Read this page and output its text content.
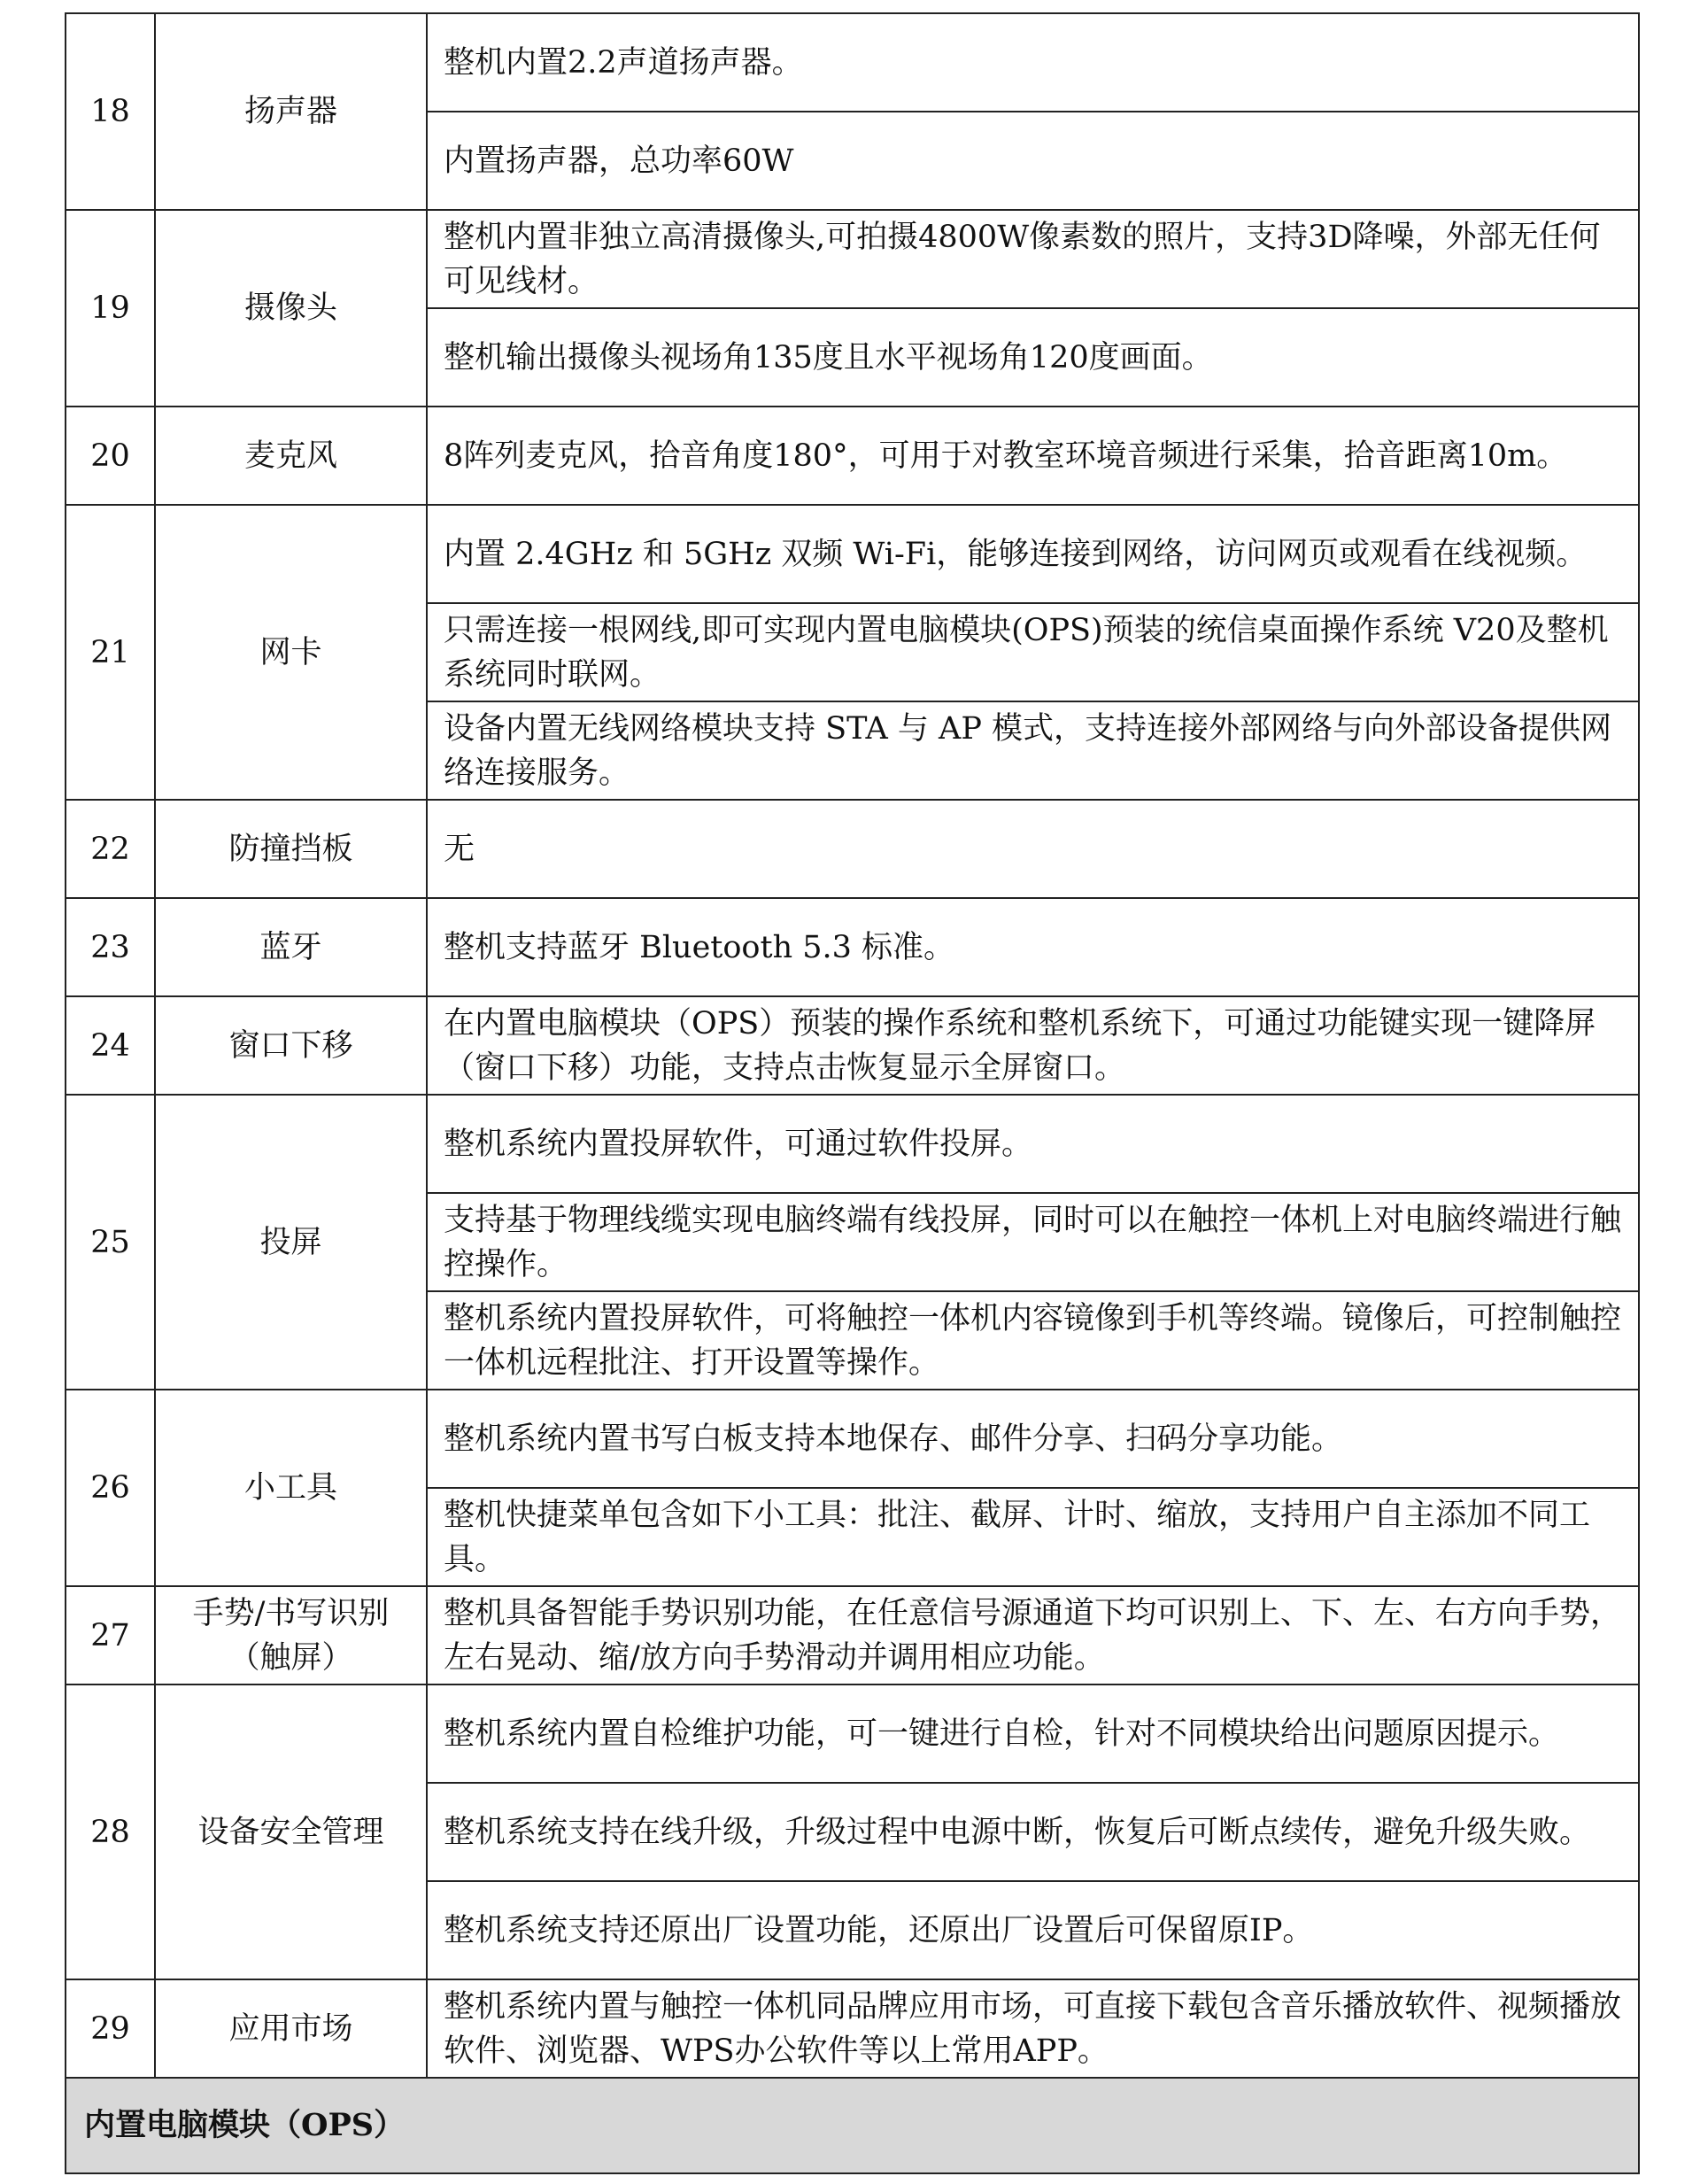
18	扬声器	整机内置2.2声道扬声器。
		内置扬声器，总功率60W
19	摄像头	整机内置非独立高清摄像头,可拍摄4800W像素数的照片，支持3D降噪，外部无任何可见线材。
		整机输出摄像头视场角135度且水平视场角120度画面。
20	麦克风	8阵列麦克风，拾音角度180°，可用于对教室环境音频进行采集，拾音距离10m。
21	网卡	内置 2.4GHz 和 5GHz 双频 Wi-Fi，能够连接到网络，访问网页或观看在线视频。
		只需连接一根网线,即可实现内置电脑模块(OPS)预装的统信桌面操作系统 V20及整机系统同时联网。
		设备内置无线网络模块支持 STA 与 AP 模式，支持连接外部网络与向外部设备提供网络连接服务。
22	防撞挡板	无
23	蓝牙	整机支持蓝牙 Bluetooth 5.3 标准。
24	窗口下移	在内置电脑模块（OPS）预装的操作系统和整机系统下，可通过功能键实现一键降屏（窗口下移）功能，支持点击恢复显示全屏窗口。
25	投屏	整机系统内置投屏软件，可通过软件投屏。
		支持基于物理线缆实现电脑终端有线投屏，同时可以在触控一体机上对电脑终端进行触控操作。
		整机系统内置投屏软件，可将触控一体机内容镜像到手机等终端。镜像后，可控制触控一体机远程批注、打开设置等操作。
26	小工具	整机系统内置书写白板支持本地保存、邮件分享、扫码分享功能。
		整机快捷菜单包含如下小工具：批注、截屏、计时、缩放，支持用户自主添加不同工具。
27	手势/书写识别（触屏）	整机具备智能手势识别功能，在任意信号源通道下均可识别上、下、左、右方向手势，左右晃动、缩/放方向手势滑动并调用相应功能。
28	设备安全管理	整机系统内置自检维护功能，可一键进行自检，针对不同模块给出问题原因提示。
		整机系统支持在线升级，升级过程中电源中断，恢复后可断点续传，避免升级失败。
		整机系统支持还原出厂设置功能，还原出厂设置后可保留原IP。
29	应用市场	整机系统内置与触控一体机同品牌应用市场，可直接下载包含音乐播放软件、视频播放软件、浏览器、WPS办公软件等以上常用APP。
内置电脑模块（OPS）		
